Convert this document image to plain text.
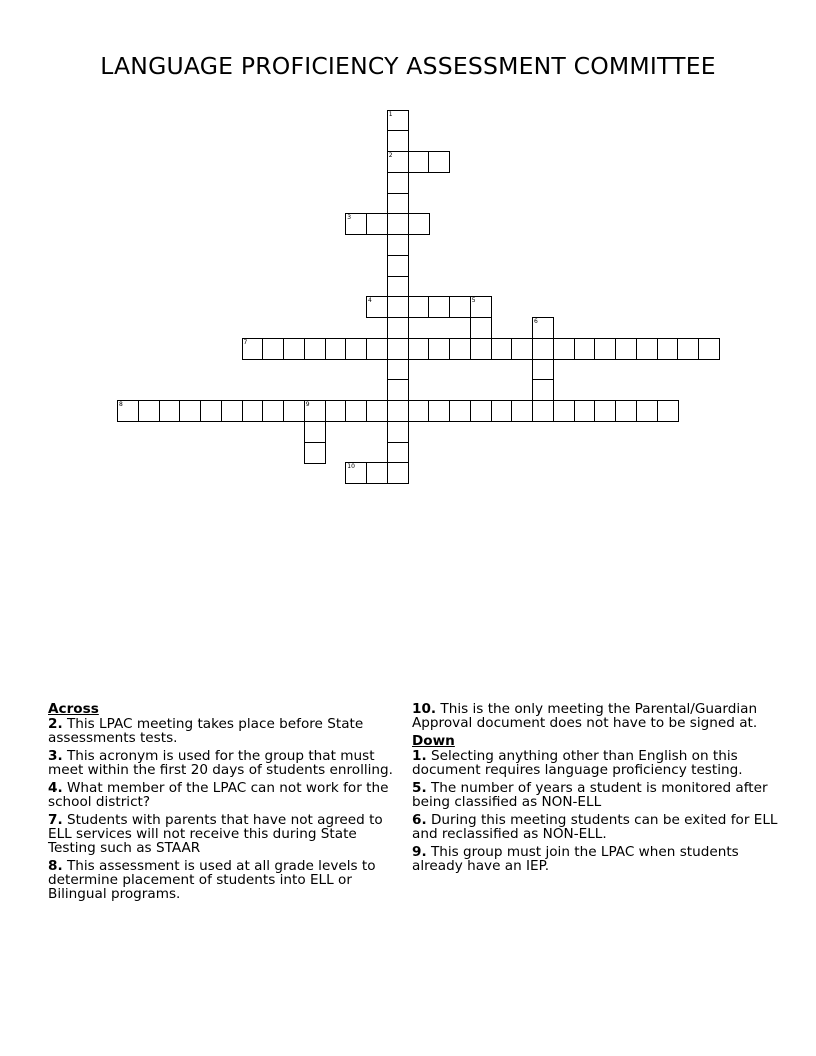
LANGUAGE PROFICIENCY ASSESSMENT COMMITTEE
1
2
3
4	5
6
7
8	9
10
Across
2. This LPAC meeting takes place before State assessments tests.
3. This acronym is used for the group that must meet within the first 20 days of students enrolling.
4. What member of the LPAC can not work for the school district?
7. Students with parents that have not agreed to ELL services will not receive this during State Testing such as STAAR
8. This assessment is used at all grade levels to determine placement of students into ELL or Bilingual programs.
10. This is the only meeting the Parental/Guardian Approval document does not have to be signed at.
Down
1. Selecting anything other than English on this document requires language proficiency testing.
5. The number of years a student is monitored after being classified as NON-ELL
6. During this meeting students can be exited for ELL and reclassified as NON-ELL.
9. This group must join the LPAC when students already have an IEP.
